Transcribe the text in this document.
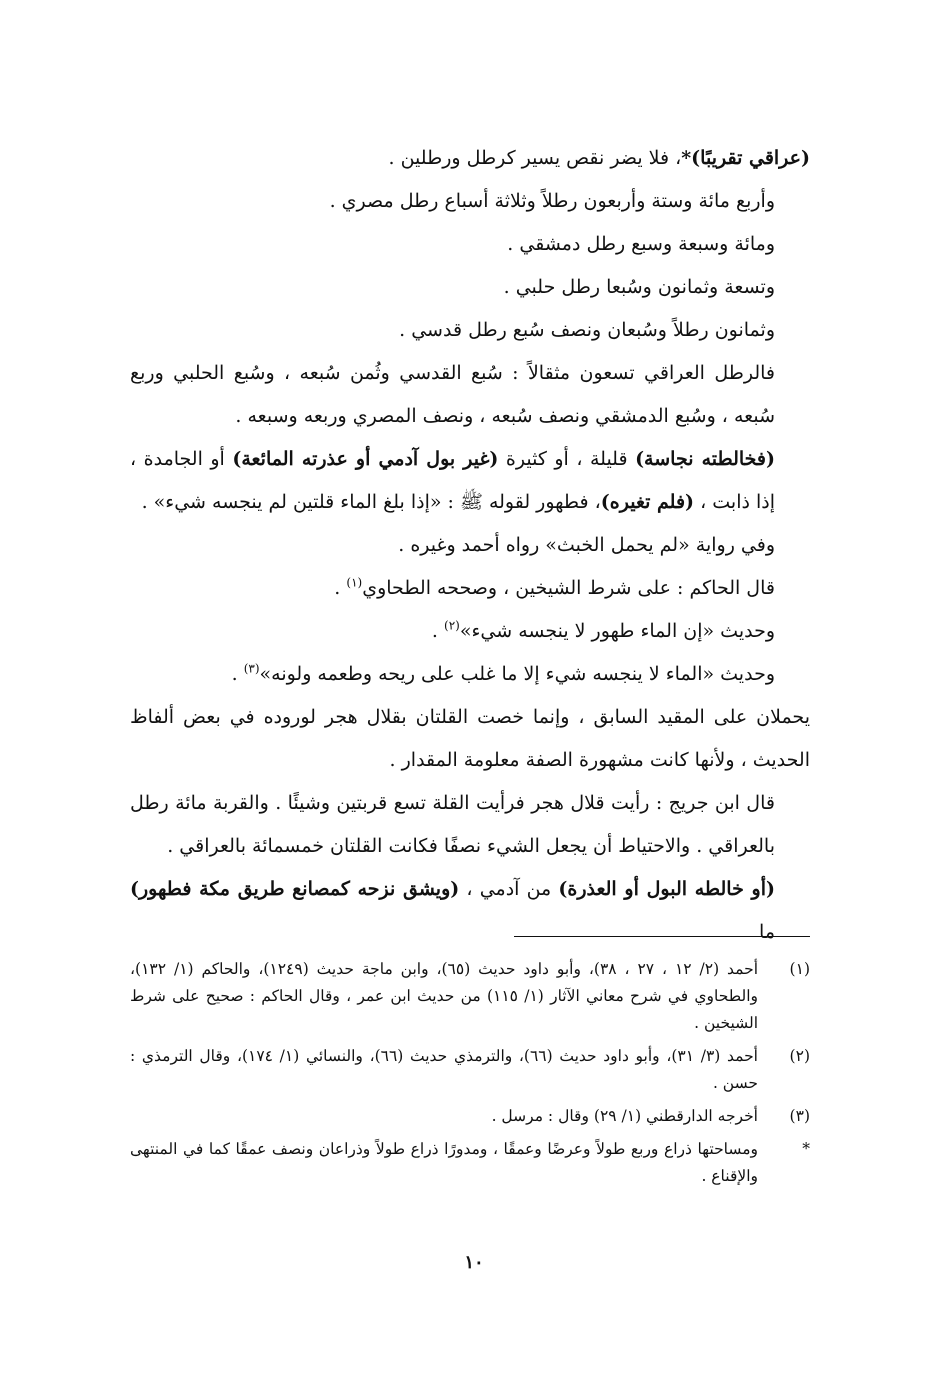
(عراقي تقريبًا)*، فلا يضر نقص يسير كرطل ورطلين .

وأربع مائة وستة وأربعون رطلاً وثلاثة أسباع رطل مصري .

ومائة وسبعة وسبع رطل دمشقي .

وتسعة وثمانون وسُبعا رطل حلبي .

وثمانون رطلاً وسُبعان ونصف سُبع رطل قدسي .

فالرطل العراقي تسعون مثقالاً : سُبع القدسي وثُمن سُبعه ، وسُبع الحلبي وربع سُبعه ، وسُبع الدمشقي ونصف سُبعه ، ونصف المصري وربعه وسبعه .

(فخالطته نجاسة) قليلة ، أو كثيرة (غير بول آدمي أو عذرته المائعة) أو الجامدة ، إذا ذابت ، (فلم تغيره)، فطهور لقوله ﷺ : «إذا بلغ الماء قلتين لم ينجسه شيء» .

وفي رواية «لم يحمل الخبث» رواه أحمد وغيره .

قال الحاكم : على شرط الشيخين ، وصححه الطحاوي$^{(١)}$ .

وحديث «إن الماء طهور لا ينجسه شيء»$^{(٢)}$ .

وحديث «الماء لا ينجسه شيء إلا ما غلب على ريحه وطعمه ولونه»$^{(٣)}$ .

يحملان على المقيد السابق ، وإنما خصت القلتان بقلال هجر لوروده في بعض ألفاظ الحديث ، ولأنها كانت مشهورة الصفة معلومة المقدار .

قال ابن جريج : رأيت قلال هجر فرأيت القلة تسع قربتين وشيئًا . والقربة مائة رطل بالعراقي . والاحتياط أن يجعل الشيء نصفًا فكانت القلتان خمسمائة بالعراقي .

(أو خالطه البول أو العذرة) من آدمي ، (ويشق نزحه كمصانع طريق مكة فطهور) ما

(١)
أحمد (٢/ ١٢ ، ٢٧ ، ٣٨)، وأبو داود حديث (٦٥)، وابن ماجة حديث (١٢٤٩)، والحاكم (١/ ١٣٢)، والطحاوي في شرح معاني الآثار (١/ ١١٥) من حديث ابن عمر ، وقال الحاكم : صحيح على شرط الشيخين .
(٢)
أحمد (٣/ ٣١)، وأبو داود حديث (٦٦)، والترمذي حديث (٦٦)، والنسائي (١/ ١٧٤)، وقال الترمذي : حسن .
(٣)
أخرجه الدارقطني (١/ ٢٩) وقال : مرسل .
*
ومساحتها ذراع وربع طولاً وعرضًا وعمقًا ، ومدورًا ذراع طولاً وذراعان ونصف عمقًا كما في المنتهى والإقناع .
١٠
